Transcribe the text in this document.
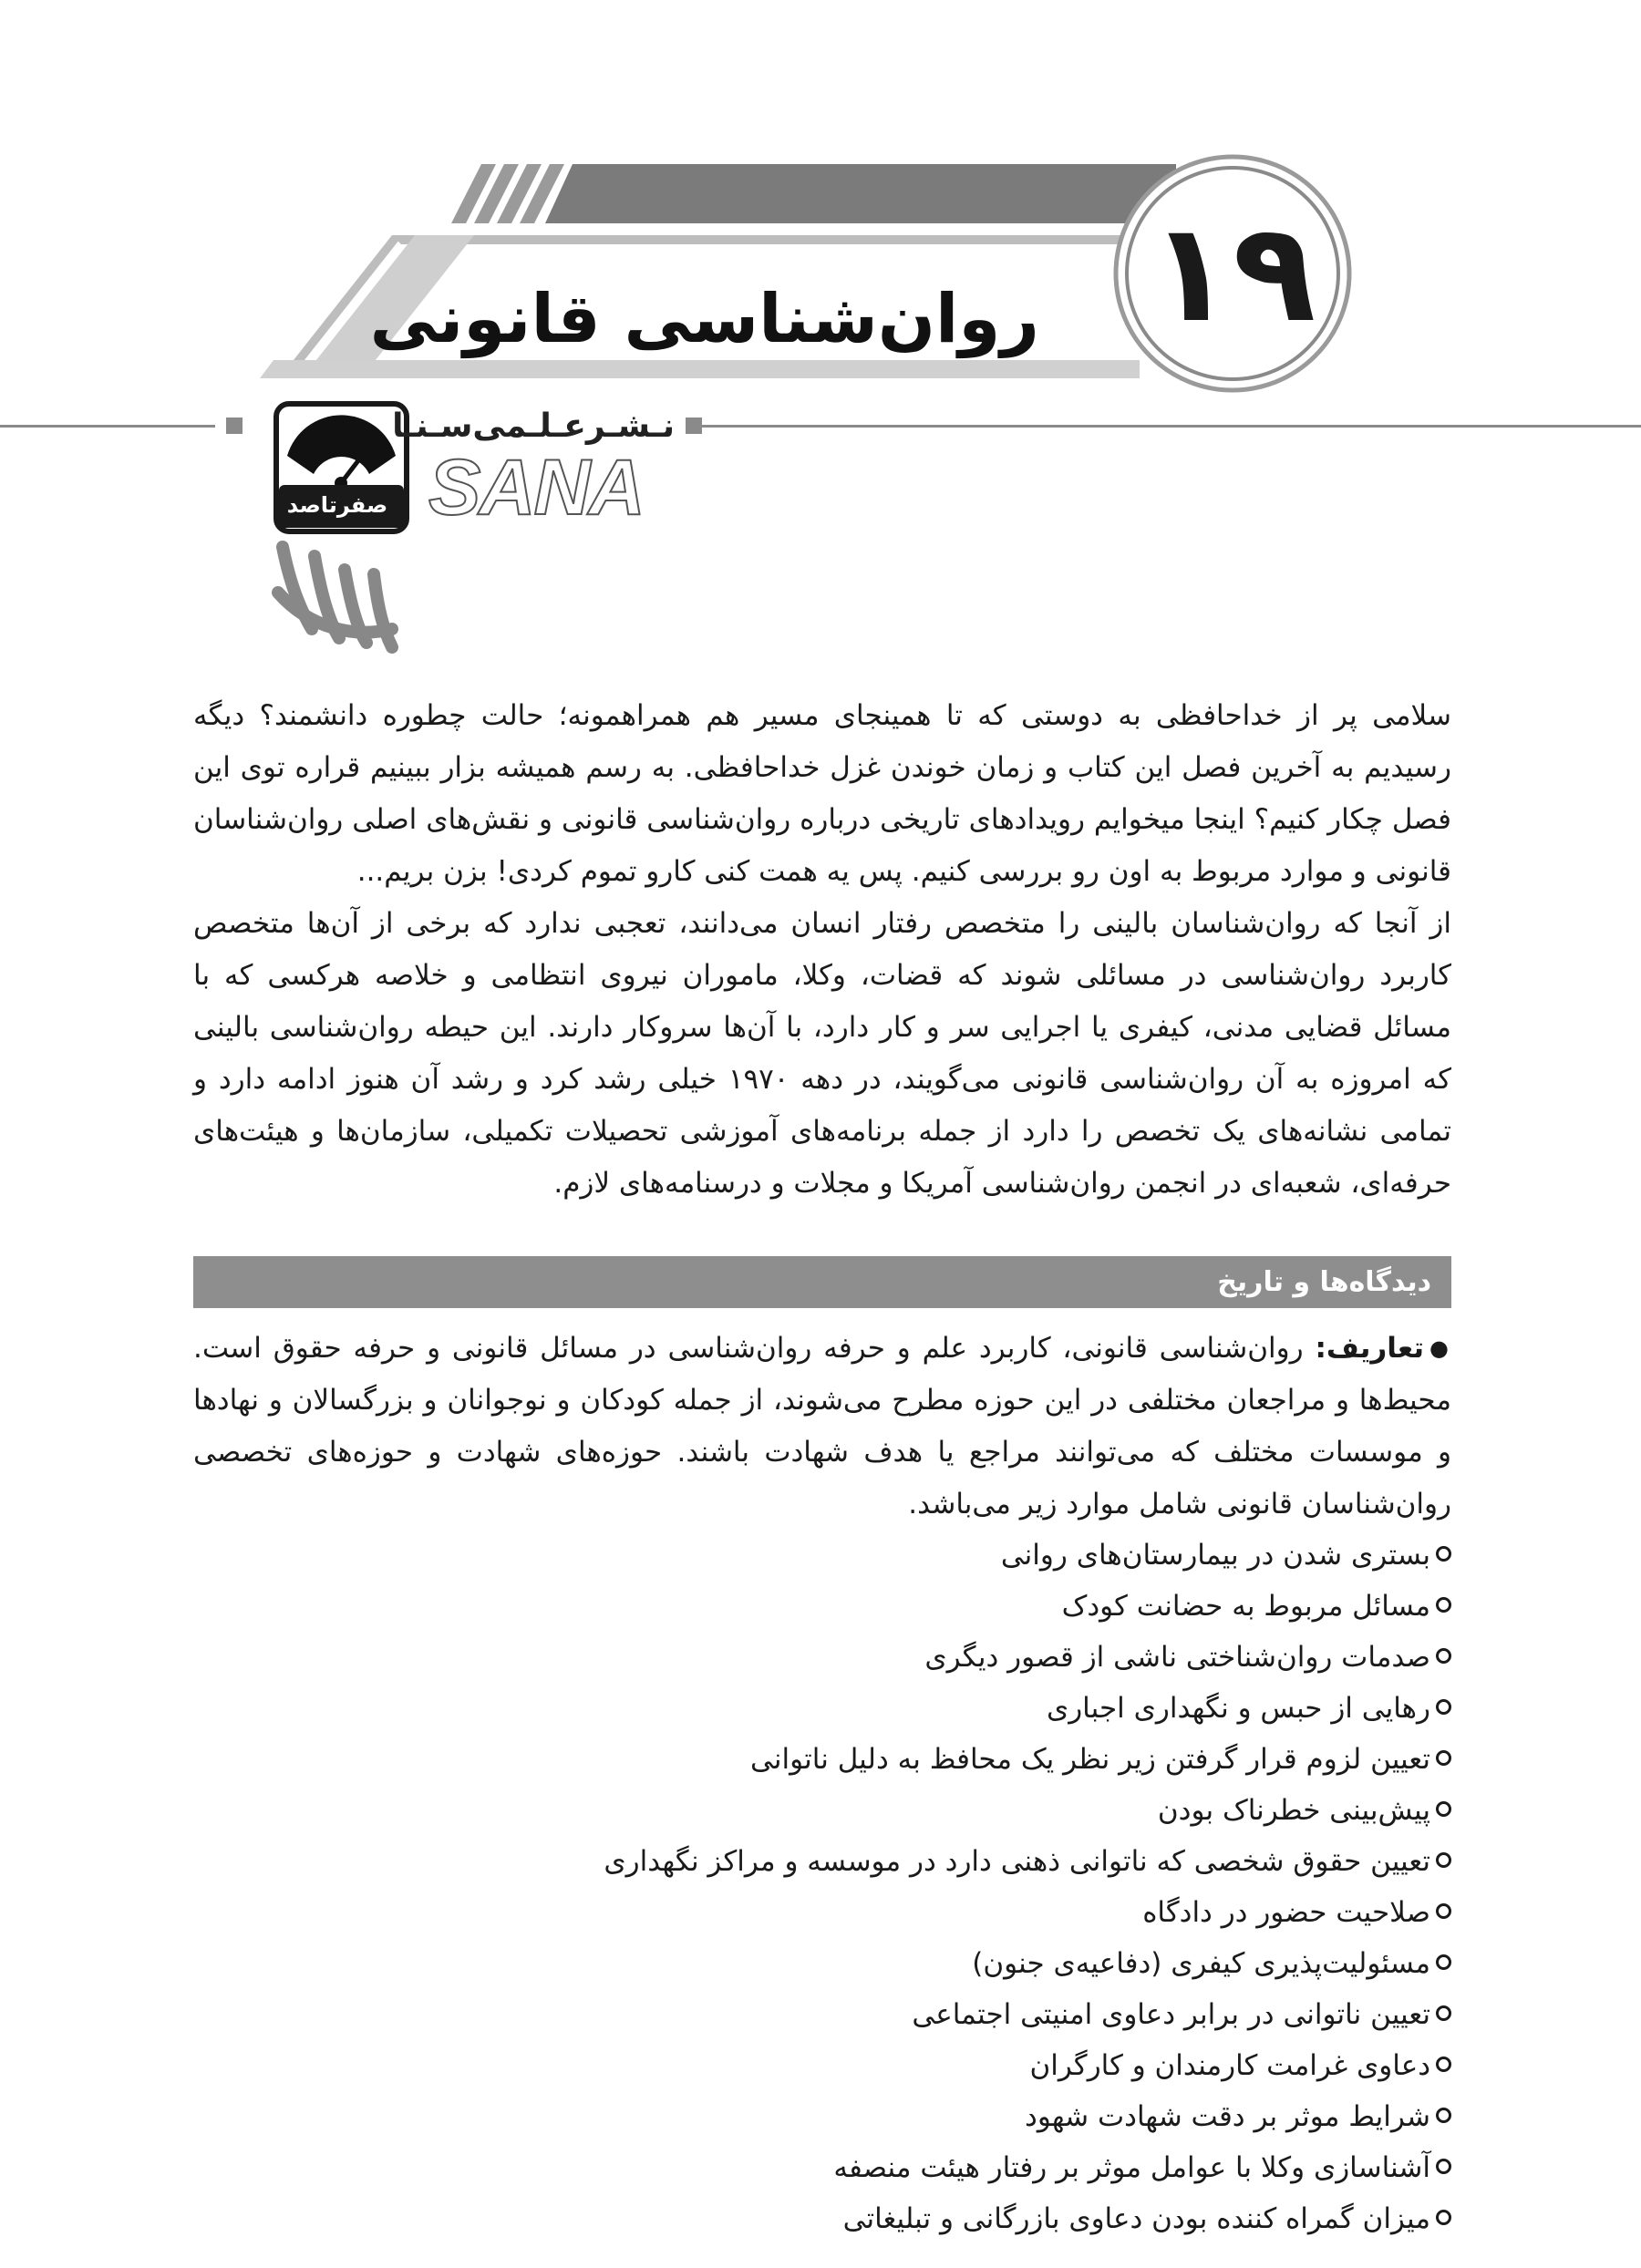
۱۹
روان‌شناسی قانونی
نـشـرعـلـمی‌سـنـا
SANA
صفرتاصد

سلامی پر از خداحافظی به دوستی که تا همینجای مسیر هم همراهمونه؛ حالت چطوره دانشمند؟ دیگه رسیدیم به آخرین فصل این کتاب و زمان خوندن غزل خداحافظی. به رسم همیشه بزار ببینیم قراره توی این فصل چکار کنیم؟ اینجا میخوایم رویدادهای تاریخی درباره روان‌شناسی قانونی و نقش‌های اصلی روان‌شناسان قانونی و موارد مربوط به اون رو بررسی کنیم. پس یه همت کنی کارو تموم کردی! بزن بریم...

از آنجا که روان‌شناسان بالینی را متخصص رفتار انسان می‌دانند، تعجبی ندارد که برخی از آن‌ها متخصص کاربرد روان‌شناسی در مسائلی شوند که قضات، وکلا، ماموران نیروی انتظامی و خلاصه هرکسی که با مسائل قضایی مدنی، کیفری یا اجرایی سر و کار دارد، با آن‌ها سروکار دارند. این حیطه روان‌شناسی بالینی که امروزه به آن روان‌شناسی قانونی می‌گویند، در دهه ۱۹۷۰ خیلی رشد کرد و رشد آن هنوز ادامه دارد و تمامی نشانه‌های یک تخصص را دارد از جمله برنامه‌های آموزشی تحصیلات تکمیلی، سازمان‌ها و هیئت‌های حرفه‌ای، شعبه‌ای در انجمن روان‌شناسی آمریکا و مجلات و درسنامه‌های لازم.

دیدگاه‌ها و تاریخ

●تعاریف: روان‌شناسی قانونی، کاربرد علم و حرفه روان‌شناسی در مسائل قانونی و حرفه حقوق است. محیط‌ها و مراجعان مختلفی در این حوزه مطرح می‌شوند، از جمله کودکان و نوجوانان و بزرگسالان و نهادها و موسسات مختلف که می‌توانند مراجع یا هدف شهادت باشند. حوزه‌های شهادت و حوزه‌های تخصصی روان‌شناسان قانونی شامل موارد زیر می‌باشد.

بستری شدن در بیمارستان‌های روانی
مسائل مربوط به حضانت کودک
صدمات روان‌شناختی ناشی از قصور دیگری
رهایی از حبس و نگهداری اجباری
تعیین لزوم قرار گرفتن زیر نظر یک محافظ به دلیل ناتوانی
پیش‌بینی خطرناک بودن
تعیین حقوق شخصی که ناتوانی ذهنی دارد در موسسه و مراکز نگهداری
صلاحیت حضور در دادگاه
مسئولیت‌پذیری کیفری (دفاعیه‌ی جنون)
تعیین ناتوانی در برابر دعاوی امنیتی اجتماعی
دعاوی غرامت کارمندان و کارگران
شرایط موثر بر دقت شهادت شهود
آشناسازی وکلا با عوامل موثر بر رفتار هیئت منصفه
میزان گمراه کننده بودن دعاوی بازرگانی و تبلیغاتی
